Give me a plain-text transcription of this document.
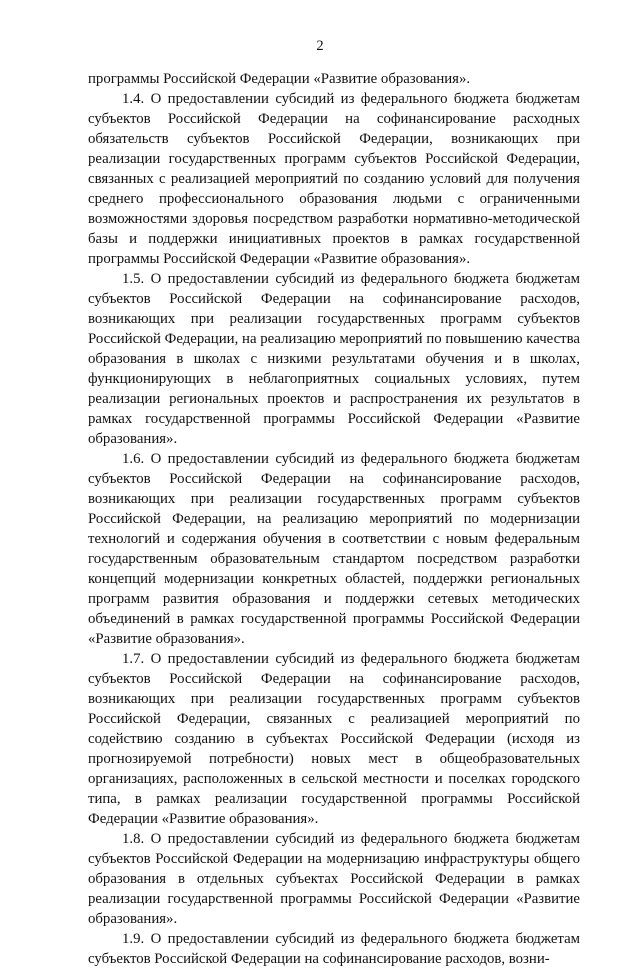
2

программы Российской Федерации «Развитие образования».

1.4. О предоставлении субсидий из федерального бюджета бюджетам субъектов Российской Федерации на софинансирование расходных обязательств субъектов Российской Федерации, возникающих при реализации государственных программ субъектов Российской Федерации, связанных с реализацией мероприятий по созданию условий для получения среднего профессионального образования людьми с ограниченными возможностями здоровья посредством разработки нормативно-методической базы и поддержки инициативных проектов в рамках государственной программы Российской Федерации «Развитие образования».

1.5. О предоставлении субсидий из федерального бюджета бюджетам субъектов Российской Федерации на софинансирование расходов, возникающих при реализации государственных программ субъектов Российской Федерации, на реализацию мероприятий по повышению качества образования в школах с низкими результатами обучения и в школах, функционирующих в неблагоприятных социальных условиях, путем реализации региональных проектов и распространения их результатов в рамках государственной программы Российской Федерации «Развитие образования».

1.6. О предоставлении субсидий из федерального бюджета бюджетам субъектов Российской Федерации на софинансирование расходов, возникающих при реализации государственных программ субъектов Российской Федерации, на реализацию мероприятий по модернизации технологий и содержания обучения в соответствии с новым федеральным государственным образовательным стандартом посредством разработки концепций модернизации конкретных областей, поддержки региональных программ развития образования и поддержки сетевых методических объединений в рамках государственной программы Российской Федерации «Развитие образования».

1.7. О предоставлении субсидий из федерального бюджета бюджетам субъектов Российской Федерации на софинансирование расходов, возникающих при реализации государственных программ субъектов Российской Федерации, связанных с реализацией мероприятий по содействию созданию в субъектах Российской Федерации (исходя из прогнозируемой потребности) новых мест в общеобразовательных организациях, расположенных в сельской местности и поселках городского типа, в рамках реализации государственной программы Российской Федерации «Развитие образования».

1.8. О предоставлении субсидий из федерального бюджета бюджетам субъектов Российской Федерации на модернизацию инфраструктуры общего образования в отдельных субъектах Российской Федерации в рамках реализации государственной программы Российской Федерации «Развитие образования».

1.9. О предоставлении субсидий из федерального бюджета бюджетам субъектов Российской Федерации на софинансирование расходов, возни-
